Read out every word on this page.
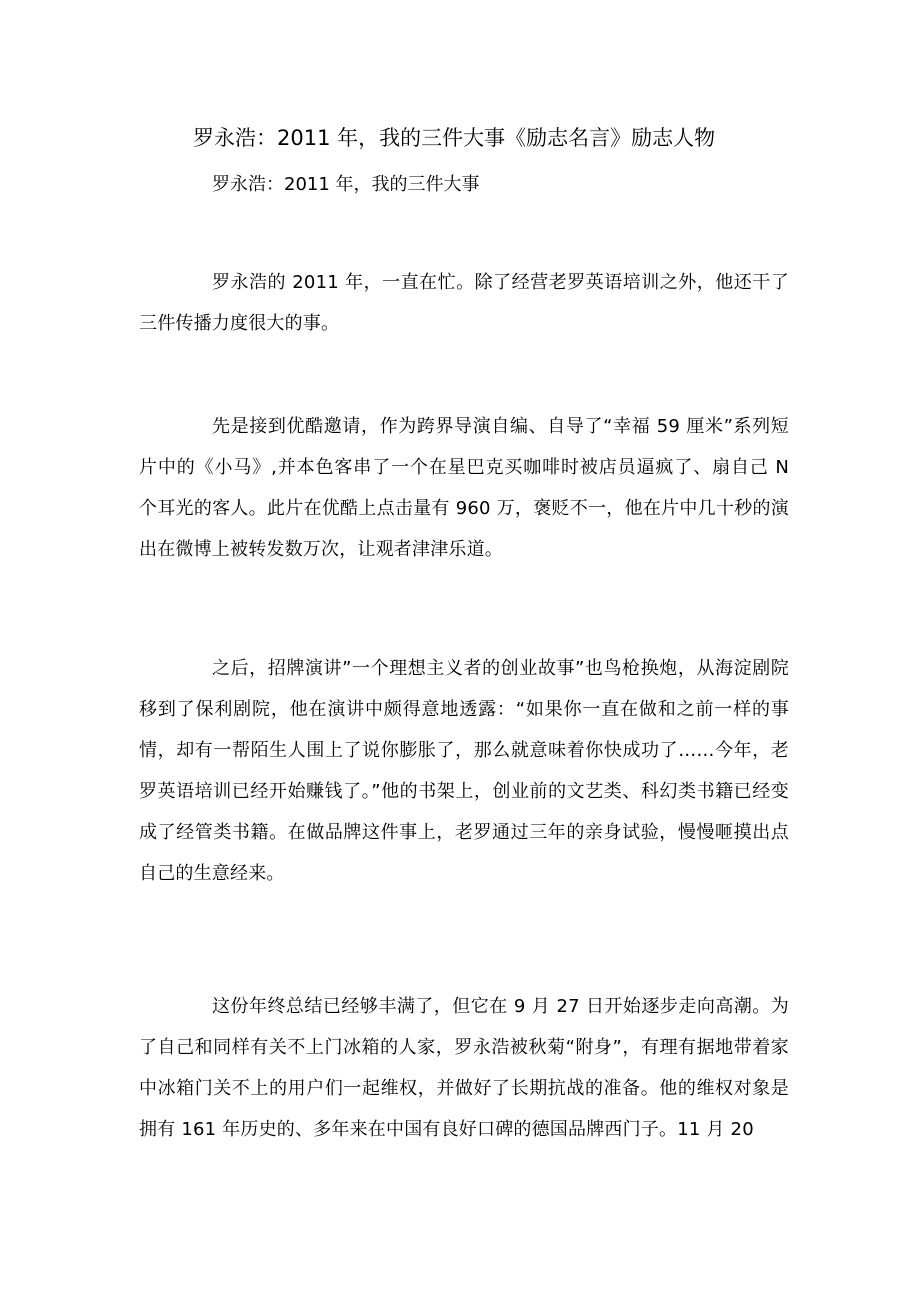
罗永浩：2011 年，我的三件大事《励志名言》励志人物

罗永浩：2011 年，我的三件大事

罗永浩的 2011 年，一直在忙。除了经营老罗英语培训之外，他还干了三件传播力度很大的事。

先是接到优酷邀请，作为跨界导演自编、自导了“幸福 59 厘米”系列短片中的《小马》,并本色客串了一个在星巴克买咖啡时被店员逼疯了、扇自己 N 个耳光的客人。此片在优酷上点击量有 960 万，褒贬不一，他在片中几十秒的演出在微博上被转发数万次，让观者津津乐道。

之后，招牌演讲”一个理想主义者的创业故事”也鸟枪换炮，从海淀剧院移到了保利剧院，他在演讲中颇得意地透露：“如果你一直在做和之前一样的事情，却有一帮陌生人围上了说你膨胀了，那么就意味着你快成功了……今年，老罗英语培训已经开始赚钱了。”他的书架上，创业前的文艺类、科幻类书籍已经变成了经管类书籍。在做品牌这件事上，老罗通过三年的亲身试验，慢慢咂摸出点自己的生意经来。

这份年终总结已经够丰满了，但它在 9 月 27 日开始逐步走向高潮。为了自己和同样有关不上门冰箱的人家，罗永浩被秋菊“附身”，有理有据地带着家中冰箱门关不上的用户们一起维权，并做好了长期抗战的准备。他的维权对象是拥有 161 年历史的、多年来在中国有良好口碑的德国品牌西门子。11 月 20
